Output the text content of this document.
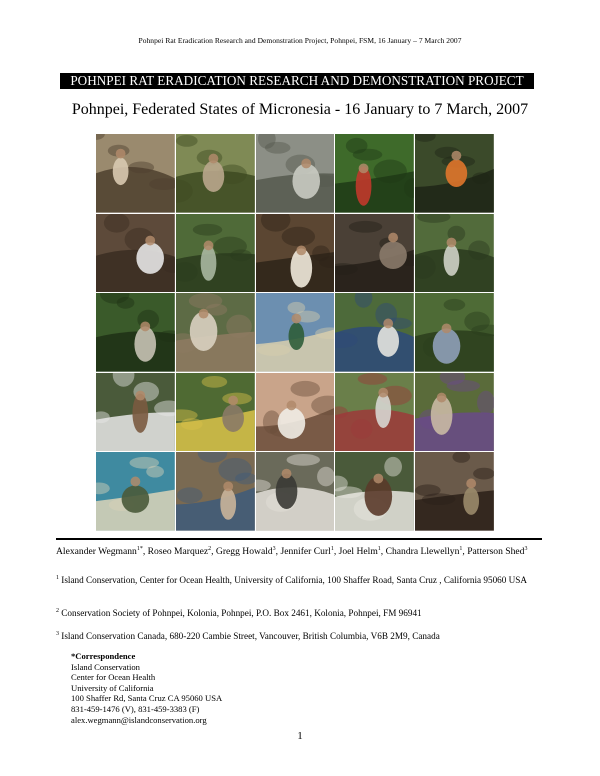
Pohnpei Rat Eradication Research and Demonstration Project, Pohnpei, FSM, 16 January – 7 March 2007
POHNPEI RAT ERADICATION RESEARCH AND DEMONSTRATION PROJECT
Pohnpei, Federated States of Micronesia - 16 January to 7 March, 2007
Alexander Wegmann$^{1*}$, Roseo Marquez$^2$, Gregg Howald$^3$, Jennifer Curl$^1$, Joel Helm$^1$, Chandra Llewellyn$^1$, Patterson Shed$^3$
$^1$ Island Conservation, Center for Ocean Health, University of California, 100 Shaffer Road, Santa Cruz , California 95060 USA
$^2$ Conservation Society of Pohnpei, Kolonia, Pohnpei, P.O. Box 2461, Kolonia, Pohnpei, FM 96941
$^3$ Island Conservation Canada, 680-220 Cambie Street, Vancouver, British Columbia, V6B 2M9, Canada
*Correspondence
Island Conservation
Center for Ocean Health
University of California
100 Shaffer Rd, Santa Cruz CA 95060 USA
831-459-1476 (V), 831-459-3383 (F)
alex.wegmann@islandconservation.org
1
